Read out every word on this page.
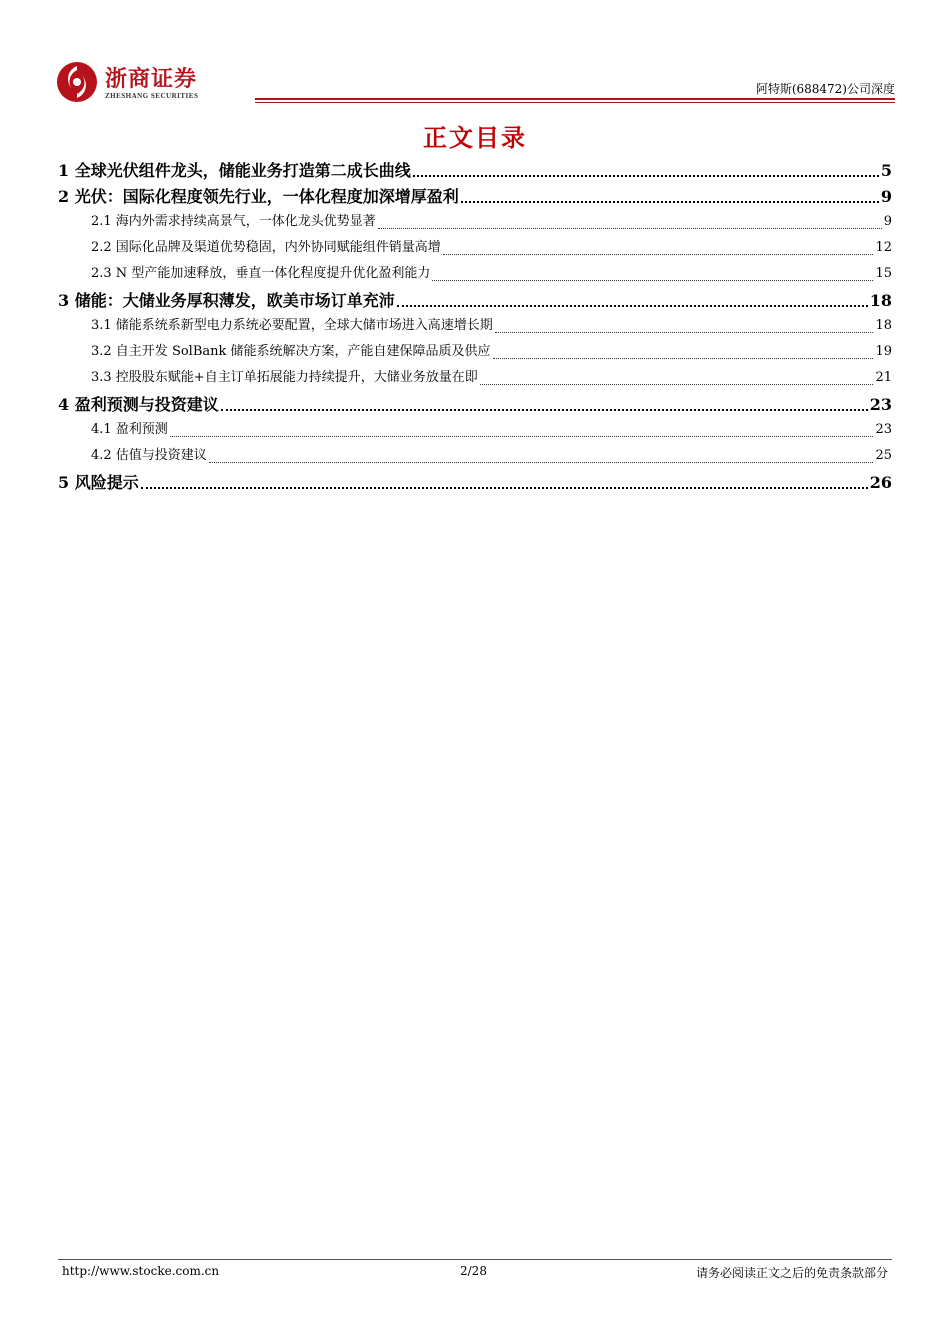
浙商证券
ZHESHANG SECURITIES	阿特斯(688472)公司深度
正文目录
1 全球光伏组件龙头，储能业务打造第二成长曲线	5
2 光伏：国际化程度领先行业，一体化程度加深增厚盈利	9
2.1 海内外需求持续高景气，一体化龙头优势显著	9
2.2 国际化品牌及渠道优势稳固，内外协同赋能组件销量高增	12
2.3 N 型产能加速释放，垂直一体化程度提升优化盈利能力	15
3 储能：大储业务厚积薄发，欧美市场订单充沛	18
3.1 储能系统系新型电力系统必要配置，全球大储市场进入高速增长期	18
3.2 自主开发 SolBank 储能系统解决方案，产能自建保障品质及供应	19
3.3 控股股东赋能+自主订单拓展能力持续提升，大储业务放量在即	21
4 盈利预测与投资建议	23
4.1 盈利预测	23
4.2 估值与投资建议	25
5 风险提示	26
http://www.stocke.com.cn	2/28	请务必阅读正文之后的免责条款部分
